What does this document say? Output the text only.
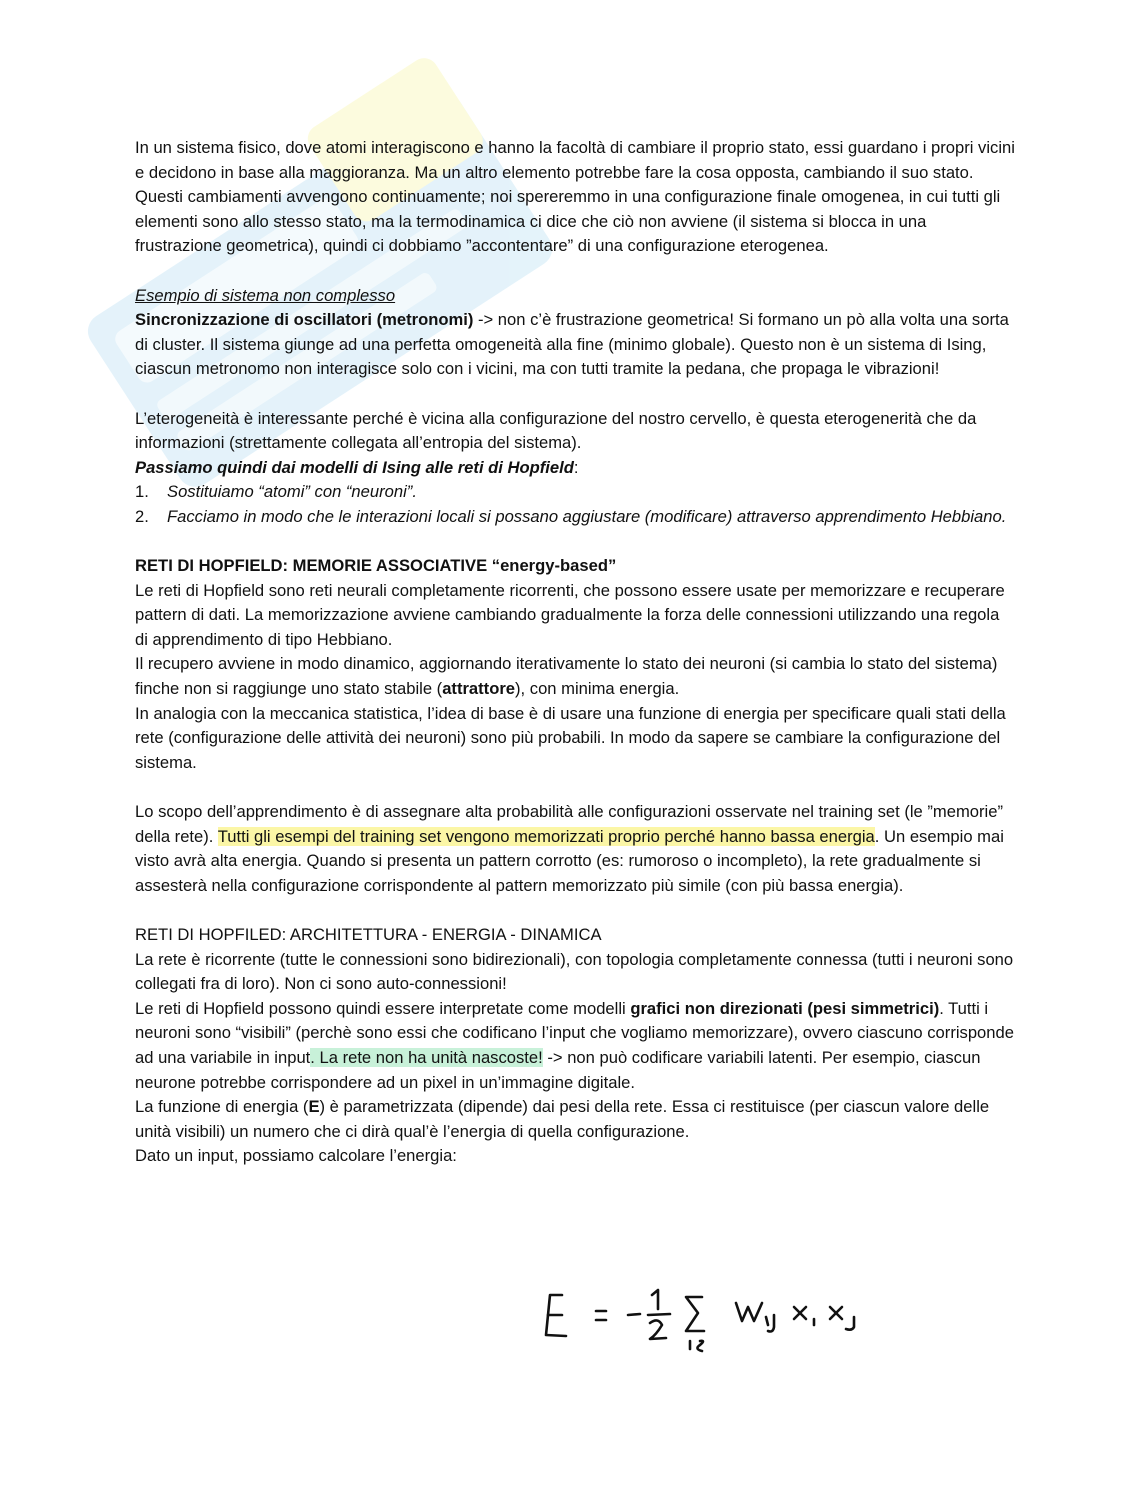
In un sistema fisico, dove atomi interagiscono e hanno la facoltà di cambiare il proprio stato, essi guardano i propri vicini e decidono in base alla maggioranza. Ma un altro elemento potrebbe fare la cosa opposta, cambiando il suo stato. Questi cambiamenti avvengono continuamente; noi spereremmo in una configurazione finale omogenea, in cui tutti gli elementi sono allo stesso stato, ma la termodinamica ci dice che ciò non avviene (il sistema si blocca in una frustrazione geometrica), quindi ci dobbiamo ”accontentare” di una configurazione eterogenea.

Esempio di sistema non complesso

Sincronizzazione di oscillatori (metronomi) -> non c’è frustrazione geometrica! Si formano un pò alla volta una sorta di cluster. Il sistema giunge ad una perfetta omogeneità alla fine (minimo globale). Questo non è un sistema di Ising, ciascun metronomo non interagisce solo con i vicini, ma con tutti tramite la pedana, che propaga le vibrazioni!

L’eterogeneità è interessante perché è vicina alla configurazione del nostro cervello, è questa eterogenerità che da informazioni (strettamente collegata all’entropia del sistema).

Passiamo quindi dai modelli di Ising alle reti di Hopfield:

1. Sostituiamo “atomi” con “neuroni”.
2. Facciamo in modo che le interazioni locali si possano aggiustare (modificare) attraverso apprendimento Hebbiano.

RETI DI HOPFIELD: MEMORIE ASSOCIATIVE “energy-based”

Le reti di Hopfield sono reti neurali completamente ricorrenti, che possono essere usate per memorizzare e recuperare pattern di dati. La memorizzazione avviene cambiando gradualmente la forza delle connessioni utilizzando una regola di apprendimento di tipo Hebbiano.

Il recupero avviene in modo dinamico, aggiornando iterativamente lo stato dei neuroni (si cambia lo stato del sistema) finche non si raggiunge uno stato stabile (attrattore), con minima energia.

In analogia con la meccanica statistica, l’idea di base è di usare una funzione di energia per specificare quali stati della rete (configurazione delle attività dei neuroni) sono più probabili. In modo da sapere se cambiare la configurazione del sistema.

Lo scopo dell’apprendimento è di assegnare alta probabilità alle configurazioni osservate nel training set (le ”memorie” della rete). Tutti gli esempi del training set vengono memorizzati proprio perché hanno bassa energia. Un esempio mai visto avrà alta energia. Quando si presenta un pattern corrotto (es: rumoroso o incompleto), la rete gradualmente si assesterà nella configurazione corrispondente al pattern memorizzato più simile (con più bassa energia).

RETI DI HOPFILED: ARCHITETTURA - ENERGIA - DINAMICA

La rete è ricorrente (tutte le connessioni sono bidirezionali), con topologia completamente connessa (tutti i neuroni sono collegati fra di loro). Non ci sono auto-connessioni!

Le reti di Hopfield possono quindi essere interpretate come modelli grafici non direzionati (pesi simmetrici). Tutti i neuroni sono “visibili” (perchè sono essi che codificano l’input che vogliamo memorizzare), ovvero ciascuno corrisponde ad una variabile in input. La rete non ha unità nascoste! -> non può codificare variabili latenti. Per esempio, ciascun neurone potrebbe corrispondere ad un pixel in un’immagine digitale.

La funzione di energia (E) è parametrizzata (dipende) dai pesi della rete. Essa ci restituisce (per ciascun valore delle unità visibili) un numero che ci dirà qual’è l’energia di quella configurazione.

Dato un input, possiamo calcolare l’energia:
